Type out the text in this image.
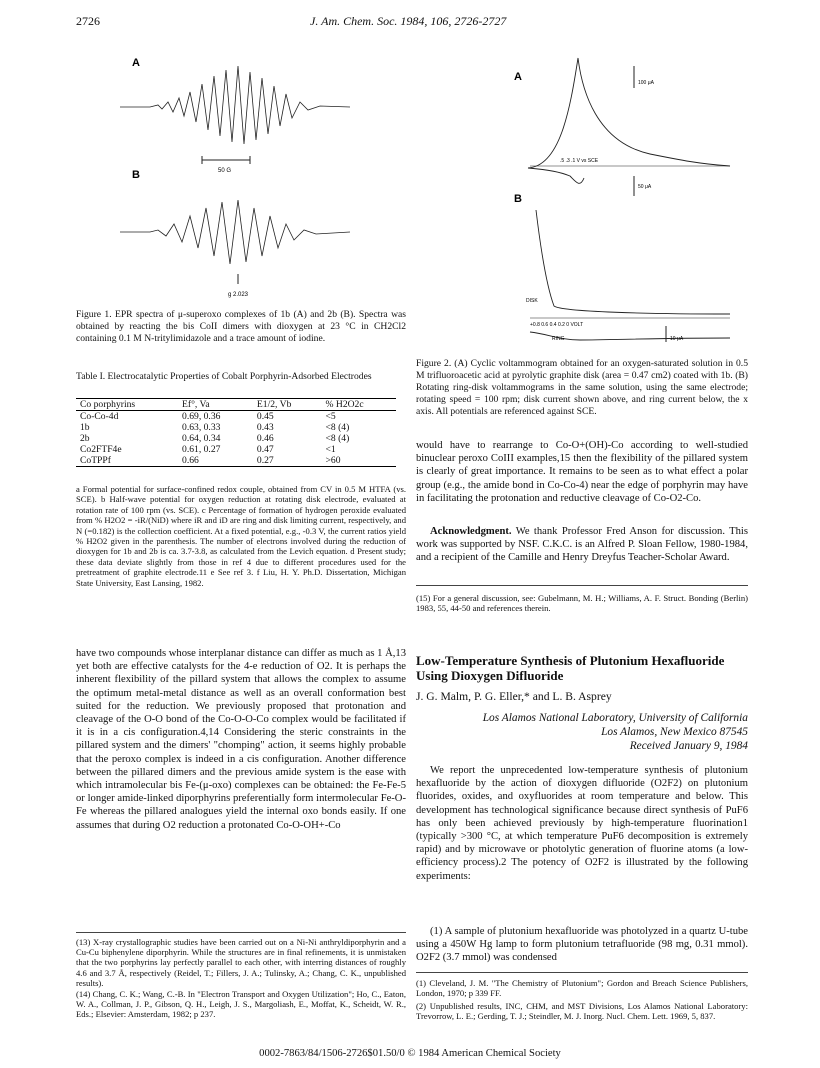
2726	J. Am. Chem. Soc. 1984, 106, 2726-2727
A
50 G
B
g 2.023
Figure 1. EPR spectra of μ-superoxo complexes of 1b (A) and 2b (B). Spectra was obtained by reacting the bis CoII dimers with dioxygen at 23 °C in CH2Cl2 containing 0.1 M N-tritylimidazole and a trace amount of iodine.
Table I. Electrocatalytic Properties of Cobalt Porphyrin-Adsorbed Electrodes
Co porphyrins	Ef°, Va	E1/2, Vb	% H2O2c
Co-Co-4d	0.69, 0.36	0.45	<5
1b	0.63, 0.33	0.43	<8 (4)
2b	0.64, 0.34	0.46	<8 (4)
Co2FTF4e	0.61, 0.27	0.47	<1
CoTPPf	0.66	0.27	>60
a Formal potential for surface-confined redox couple, obtained from CV in 0.5 M HTFA (vs. SCE). b Half-wave potential for oxygen reduction at rotating disk electrode, evaluated at rotation rate of 100 rpm (vs. SCE). c Percentage of formation of hydrogen peroxide evaluated from % H2O2 = -iR/(NiD) where iR and iD are ring and disk limiting current, respectively, and N (=0.182) is the collection coefficient. At a fixed potential, e.g., -0.3 V, the current ratios yield % H2O2 given in the parenthesis. The number of electrons involved during the reduction of dioxygen for 1b and 2b is ca. 3.7-3.8, as calculated from the Levich equation. d Present study; these data deviate slightly from those in ref 4 due to different procedures used for the pretreatment of graphite electrode.11 e See ref 3. f Liu, H. Y. Ph.D. Dissertation, Michigan State University, East Lansing, 1982.
have two compounds whose interplanar distance can differ as much as 1 Å,13 yet both are effective catalysts for the 4-e reduction of O2. It is perhaps the inherent flexibility of the pillard system that allows the complex to assume the optimum metal-metal distance as well as an overall conformation best suited for the reduction. We previously proposed that protonation and cleavage of the O-O bond of the Co-O-O-Co complex would be facilitated if it is in a cis configuration.4,14 Considering the steric constraints in the pillared system and the dimers' "chomping" action, it seems highly probable that the peroxo complex is indeed in a cis configuration. Another difference between the pillared dimers and the previous amide system is the ease with which intramolecular bis Fe-(μ-oxo) complexes can be obtained: the Fe-Fe-5 or longer amide-linked diporphyrins preferentially form intermolecular Fe-O-Fe whereas the pillared analogues yield the internal oxo bonds easily. If one assumes that during O2 reduction a protonated Co-O-OH+-Co
(13) X-ray crystallographic studies have been carried out on a Ni-Ni anthryldiporphyrin and a Cu-Cu biphenylene diporphyrin. While the structures are in final refinements, it is unmistaken that the two porphyrins lay perfectly parallel to each other, with interring distances of roughly 4.6 and 3.7 Å, respectively (Reidel, T.; Fillers, J. A.; Tulinsky, A.; Chang, C. K., unpublished results).
(14) Chang, C. K.; Wang, C.-B. In "Electron Transport and Oxygen Utilization"; Ho, C., Eaton, W. A., Collman, J. P., Gibson, Q. H., Leigh, J. S., Margoliash, E., Moffat, K., Scheidt, W. R., Eds.; Elsevier: Amsterdam, 1982; p 237.
A	100 μA
.5 .3 .1 V vs SCE
B
50 μA
DISK
+0.8 0.6 0.4 0.2 0 VOLT
RING	10 μA
Figure 2. (A) Cyclic voltammogram obtained for an oxygen-saturated solution in 0.5 M trifluoroacetic acid at pyrolytic graphite disk (area = 0.47 cm2) coated with 1b. (B) Rotating ring-disk voltammograms in the same solution, using the same electrode; rotating speed = 100 rpm; disk current shown above, and ring current below, the x axis. All potentials are referenced against SCE.
would have to rearrange to Co-O+(OH)-Co according to well-studied binuclear peroxo CoIII examples,15 then the flexibility of the pillared system is clearly of great importance. It remains to be seen as to what effect a polar group (e.g., the amide bond in Co-Co-4) near the edge of porphyrin may have in facilitating the protonation and reductive cleavage of Co-O2-Co.
Acknowledgment. We thank Professor Fred Anson for discussion. This work was supported by NSF. C.K.C. is an Alfred P. Sloan Fellow, 1980-1984, and a recipient of the Camille and Henry Dreyfus Teacher-Scholar Award.
(15) For a general discussion, see: Gubelmann, M. H.; Williams, A. F. Struct. Bonding (Berlin) 1983, 55, 44-50 and references therein.
Low-Temperature Synthesis of Plutonium Hexafluoride Using Dioxygen Difluoride
J. G. Malm, P. G. Eller,* and L. B. Asprey
Los Alamos National Laboratory, University of California
Los Alamos, New Mexico 87545
Received January 9, 1984
We report the unprecedented low-temperature synthesis of plutonium hexafluoride by the action of dioxygen difluoride (O2F2) on plutonium fluorides, oxides, and oxyfluorides at room temperature and below. This development has technological significance because direct synthesis of PuF6 has only been achieved previously by high-temperature fluorination1 (typically >300 °C, at which temperature PuF6 decomposition is extremely rapid) and by microwave or photolytic generation of fluorine atoms (a low-efficiency process).2 The potency of O2F2 is illustrated by the following experiments:
(1) A sample of plutonium hexafluoride was photolyzed in a quartz U-tube using a 450W Hg lamp to form plutonium tetrafluoride (98 mg, 0.31 mmol). O2F2 (3.7 mmol) was condensed
(1) Cleveland, J. M. "The Chemistry of Plutonium"; Gordon and Breach Science Publishers, London, 1970; p 339 FF.
(2) Unpublished results, INC, CHM, and MST Divisions, Los Alamos National Laboratory: Trevorrow, L. E.; Gerding, T. J.; Steindler, M. J. Inorg. Nucl. Chem. Lett. 1969, 5, 837.
0002-7863/84/1506-2726$01.50/0 © 1984 American Chemical Society
